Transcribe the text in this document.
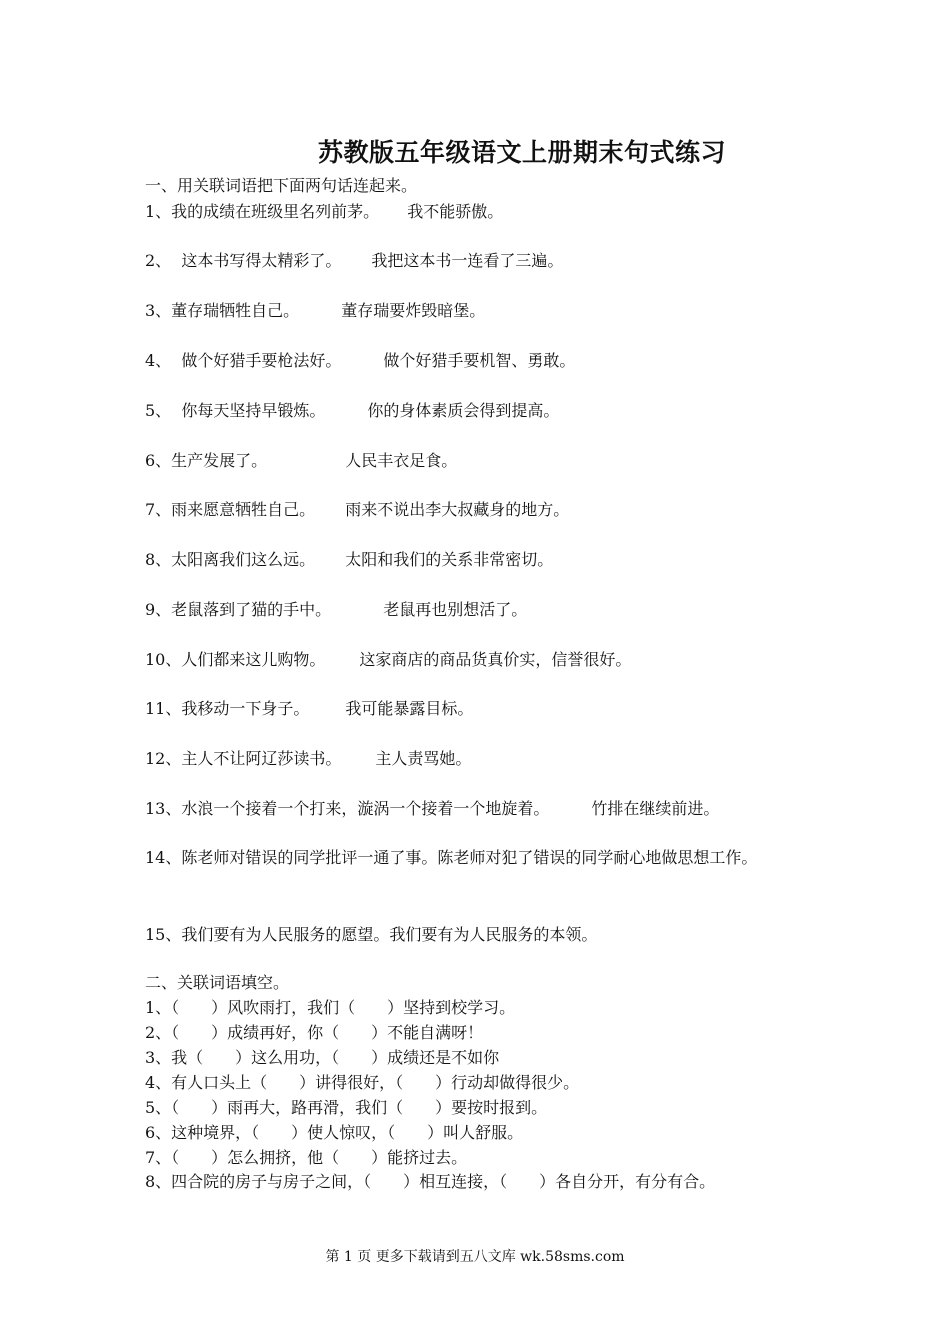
苏教版五年级语文上册期末句式练习
一、用关联词语把下面两句话连起来。
1、我的成绩在班级里名列前茅。 我不能骄傲。
2、  这本书写得太精彩了。 我把这本书一连看了三遍。
3、董存瑞牺牲自己。	董存瑞要炸毁暗堡。
4、  做个好猎手要枪法好。	做个好猎手要机智、勇敢。
5、  你每天坚持早锻炼。	你的身体素质会得到提高。
6、生产发展了。	人民丰衣足食。
7、雨来愿意牺牲自己。 雨来不说出李大叔藏身的地方。
8、太阳离我们这么远。 太阳和我们的关系非常密切。
9、老鼠落到了猫的手中。	老鼠再也别想活了。
10、人们都来这儿购物。 这家商店的商品货真价实，信誉很好。
11、我移动一下身子。 我可能暴露目标。
12、主人不让阿辽莎读书。 主人责骂她。
13、水浪一个接着一个打来，漩涡一个接着一个地旋着。	竹排在继续前进。
14、陈老师对错误的同学批评一通了事。陈老师对犯了错误的同学耐心地做思想工作。
15、我们要有为人民服务的愿望。我们要有为人民服务的本领。
二、关联词语填空。
1、（　　）风吹雨打，我们（　　）坚持到校学习。
2、（　　）成绩再好，你（　　）不能自满呀！
3、我（　　）这么用功，（　　）成绩还是不如你
4、有人口头上（　　）讲得很好，（　　）行动却做得很少。
5、（　　）雨再大，路再滑，我们（　　）要按时报到。
6、这种境界，（　　）使人惊叹，（　　）叫人舒服。
7、（　　）怎么拥挤，他（　　）能挤过去。
8、四合院的房子与房子之间，（　　）相互连接，（　　）各自分开，有分有合。
第 1 页 更多下载请到五八文库 wk.58sms.com
